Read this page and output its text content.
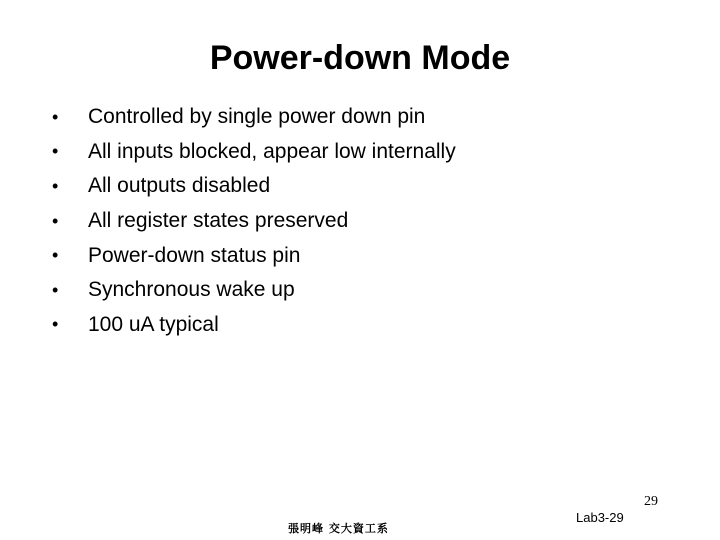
Power-down Mode
•	Controlled by single power down pin
•	All inputs blocked, appear low internally
•	All outputs disabled
•	All register states preserved
•	Power-down status pin
•	Synchronous wake up
•	100 uA typical
29
張明峰 交大資工系
Lab3-29
